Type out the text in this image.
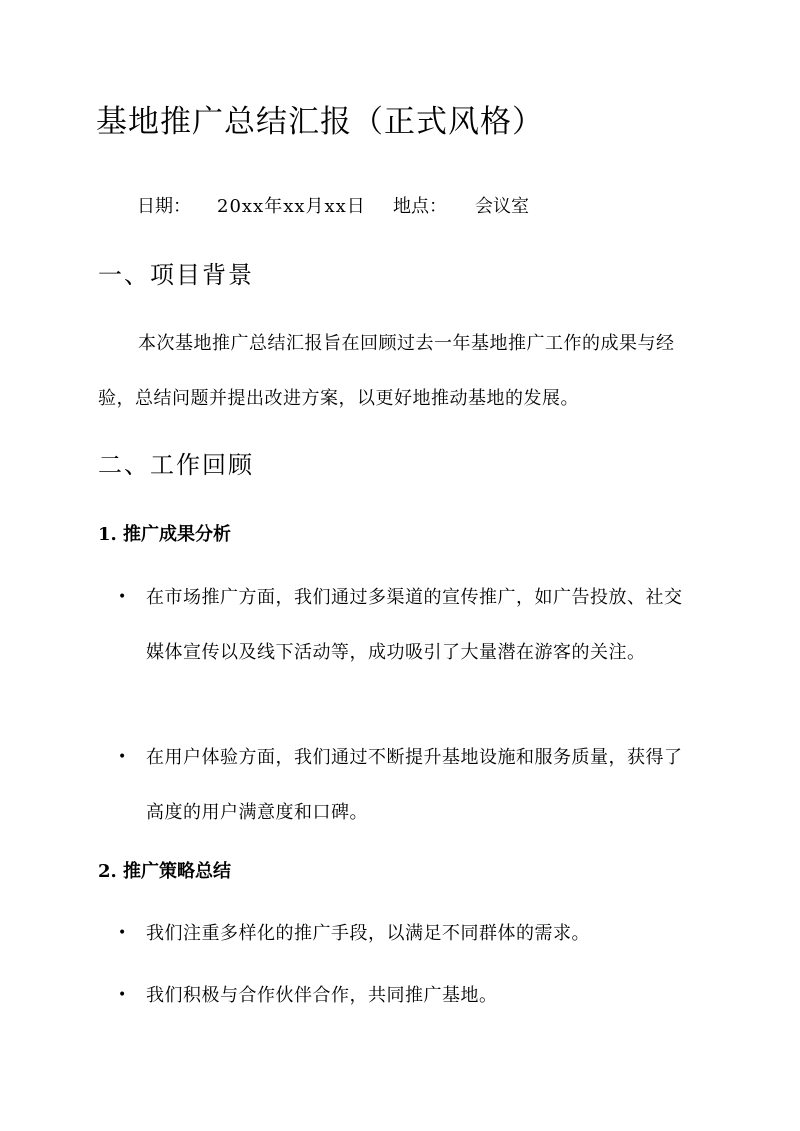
基地推广总结汇报（正式风格）
日期： 20xx年xx月xx日 地点： 会议室
一、项目背景

本次基地推广总结汇报旨在回顾过去一年基地推广工作的成果与经验，总结问题并提出改进方案，以更好地推动基地的发展。

二、工作回顾
1. 推广成果分析
•	在市场推广方面，我们通过多渠道的宣传推广，如广告投放、社交媒体宣传以及线下活动等，成功吸引了大量潜在游客的关注。
•	在用户体验方面，我们通过不断提升基地设施和服务质量，获得了高度的用户满意度和口碑。
2. 推广策略总结
•	我们注重多样化的推广手段，以满足不同群体的需求。
•	我们积极与合作伙伴合作，共同推广基地。
